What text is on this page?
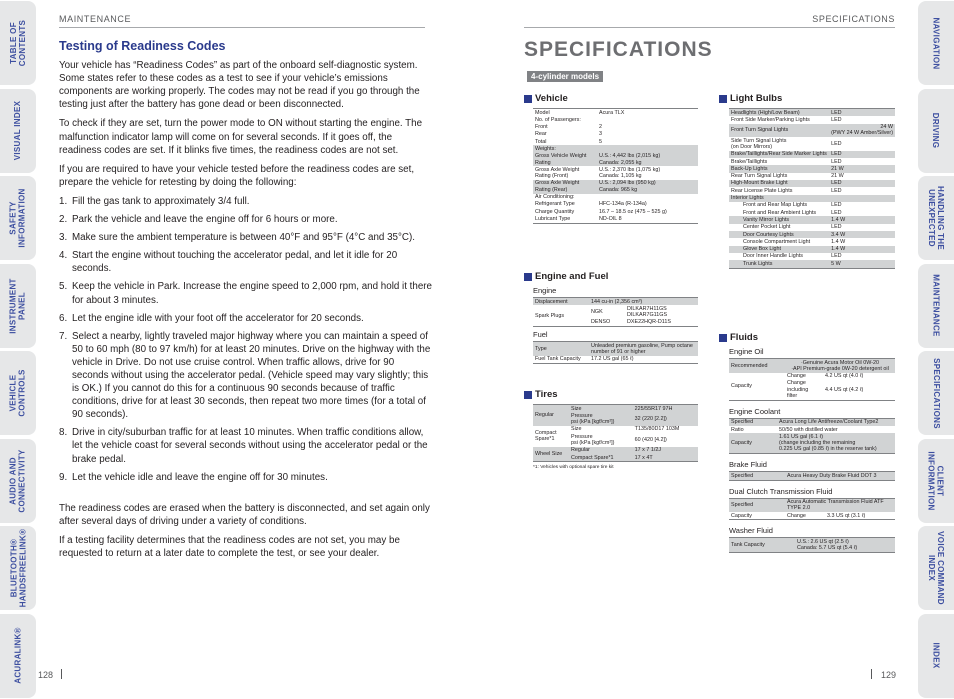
TABLE OF
CONTENTS
VISUAL INDEX
SAFETY
INFORMATION
INSTRUMENT
PANEL
VEHICLE
CONTROLS
AUDIO AND
CONNECTIVITY
BLUETOOTH®
HANDSFREELINK®
ACURALINK®
NAVIGATION
DRIVING
HANDLING THE
UNEXPECTED
MAINTENANCE
SPECIFICATIONS
CLIENT
INFORMATION
VOICE COMMAND
INDEX
INDEX
MAINTENANCE
Testing of Readiness Codes

Your vehicle has “Readiness Codes” as part of the onboard self-diagnostic system. Some states refer to these codes as a test to see if your vehicle’s emissions components are working properly. The codes may not be read if you go through the testing just after the battery has gone dead or been disconnected.

To check if they are set, turn the power mode to ON without starting the engine. The malfunction indicator lamp will come on for several seconds. If it goes off, the readiness codes are set. If it blinks five times, the readiness codes are not set.

If you are required to have your vehicle tested before the readiness codes are set, prepare the vehicle for retesting by doing the following:

1. Fill the gas tank to approximately 3/4 full.
2. Park the vehicle and leave the engine off for 6 hours or more.
3. Make sure the ambient temperature is between 40°F and 95°F (4°C and 35°C).
4. Start the engine without touching the accelerator pedal, and let it idle for 20 seconds.
5. Keep the vehicle in Park. Increase the engine speed to 2,000 rpm, and hold it there for about 3 minutes.
6. Let the engine idle with your foot off the accelerator for 20 seconds.
7. Select a nearby, lightly traveled major highway where you can maintain a speed of 50 to 60 mph (80 to 97 km/h) for at least 20 minutes. Drive on the highway with the vehicle in Drive. Do not use cruise control. When traffic allows, drive for 90 seconds without using the accelerator pedal. (Vehicle speed may vary slightly; this is OK.) If you cannot do this for a continuous 90 seconds because of traffic conditions, drive for at least 30 seconds, then repeat two more times (for a total of 90 seconds).
8. Drive in city/suburban traffic for at least 10 minutes. When traffic conditions allow, let the vehicle coast for several seconds without using the accelerator pedal or the brake pedal.
9. Let the vehicle idle and leave the engine off for 30 minutes.

The readiness codes are erased when the battery is disconnected, and set again only after several days of driving under a variety of conditions.

If a testing facility determines that the readiness codes are not set, you may be requested to return at a later date to complete the test, or see your dealer.

128
SPECIFICATIONS
SPECIFICATIONS
4-cylinder models
Vehicle
Model	Acura TLX
No. of Passengers:	
Front	2
Rear	3
Total	5
Weights:	
Gross Vehicle Weight Rating	U.S.: 4,442 lbs (2,015 kg)
Canada: 2,055 kg
Gross Axle Weight Rating (Front)	U.S.: 2,370 lbs (1,075 kg)
Canada: 1,105 kg
Gross Axle Weight Rating (Rear)	U.S.: 2,094 lbs (950 kg)
Canada: 965 kg
Air Conditioning:	
Refrigerant Type	HFC-134a (R-134a)
Charge Quantity	16.7 – 18.5 oz (475 – 525 g)
Lubricant Type	ND-OIL 8
Engine and Fuel
Engine
Displacement	144 cu-in (2,356 cm³)	
Spark Plugs	NGK	DILKAR7H11GS
DILKAR7G11GS
	DENSO	DXE22HQR-D11S
Fuel
Type	Unleaded premium gasoline, Pump octane number of 91 or higher
Fuel Tank Capacity	17.2 US gal (65 ℓ)
Tires
Regular	Size	225/55R17 97H
	Pressure
psi (kPa [kgf/cm²])	32 (220 [2.2])
Compact Spare*1	Size	T135/80D17 103M
	Pressure
psi (kPa [kgf/cm²])	60 (420 [4.2])
Wheel Size	Regular	17 x 7 1/2J
	Compact Spare*1	17 x 4T
*1: Vehicles with optional spare tire kit
Light Bulbs
Headlights (High/Low Beam)	LED
Front Side Marker/Parking Lights	LED
Front Turn Signal Lights	24 W
(PWY 24 W Amber/Silver)
Side Turn Signal Lights
(on Door Mirrors)	LED
Brake/Taillights/Rear Side Marker Lights	LED
Brake/Taillights	LED
Back-Up Lights	21 W
Rear Turn Signal Lights	21 W
High-Mount Brake Light	LED
Rear License Plate Lights	LED
Interior Lights	
Front and Rear Map Lights	LED
Front and Rear Ambient Lights	LED
Vanity Mirror Lights	1.4 W
Center Pocket Light	LED
Door Courtesy Lights	3.4 W
Console Compartment Light	1.4 W
Glove Box Light	1.4 W
Door Inner Handle Lights	LED
Trunk Lights	5 W
Fluids
Engine Oil
Recommended	·Genuine Acura Motor Oil 0W-20
·API Premium-grade 0W-20 detergent oil	
Capacity	Change	4.2 US qt (4.0 ℓ)
	Change
including
filter	4.4 US qt (4.2 ℓ)
Engine Coolant
Specified	Acura Long Life Antifreeze/Coolant Type2
Ratio	50/50 with distilled water
Capacity	1.61 US gal (6.1 ℓ)
(change including the remaining
0.225 US gal (0.85 ℓ) in the reserve tank)
Brake Fluid
Specified	Acura Heavy Duty Brake Fluid DOT 3
Dual Clutch Transmission Fluid
Specified	Acura Automatic Transmission Fluid ATF TYPE 2.0	
Capacity	Change	3.3 US qt (3.1 ℓ)
Washer Fluid
Tank Capacity	U.S.: 2.6 US qt (2.5 ℓ)
Canada: 5.7 US qt (5.4 ℓ)
129
